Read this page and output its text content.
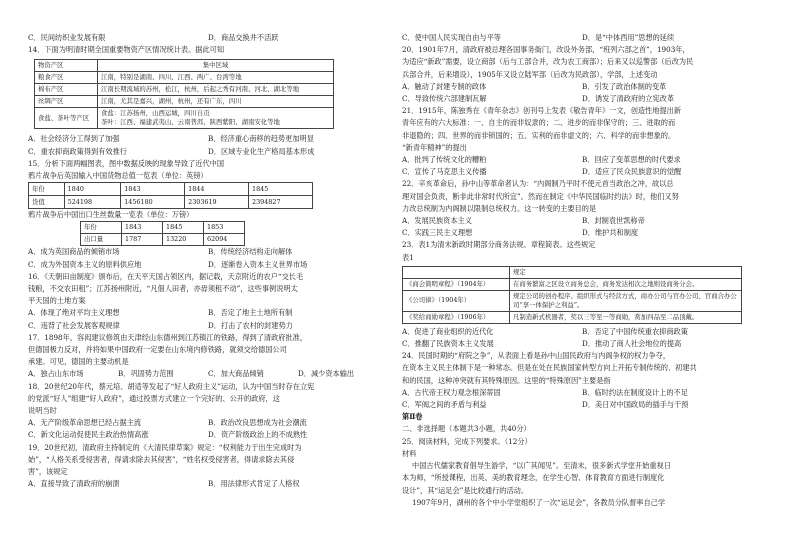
C．民间纺织业发展有限	D．商品交换井不活跃
14．下面为明清时期全国重要物资产区情况统计表。据此可知
物资产区	集中区域
粮食产区	江南，特别是湖南、四川、江西、两广、台湾等地
棉布产区	江南长期流域的苏州，松江，杭州，后起之秀有河南、河北、湖北等地
丝绸产区	江南，尤其是嘉兴，湖州，杭州，还有广东，四川
食盐、茶叶等产区	食盐：江苏扬州，山西运城，四川自贡
茶叶：江西、福建武夷山、云南普洱、陕西紫阳、湖南安化等地
A．社会经济分工得到了加强	B．经济重心南移的趋势更加明显
C．重农抑商政策得到有效推行	D．区域专业化生产格局基本形成
15．分析下面两幅图表，图中数据反映的现象导致了近代中国
鸦片战争后英国输入中国货物总值一览表（单位：英镑）
年份	1840	1843	1844	1845
货值	524198	1456180	2303619	2394827
鸦片战争后中国出口生丝数量一览表（单位：万镑）
年份	1843	1845	1853
出口量	1787	13220	62094
A．成为英国商品的倾销市场	B．传统经济结构走向解体
C．成为外国资本主义的原料供应地	D．逐渐卷入资本主义世界市场
16．《天朝田亩制度》颁布后，在天平天国占领区内，据记载，天京附近的农户“交长毛
钱粮，不交农田租”；江苏扬州附近，“凡佃人田者，亦毋须租不动”，这些事例说明太
平天国的土地方案
A．体现了绝对平均主义理想	B．否定了地主土地所有制
C．违背了社会发展客观规律	D．打击了农村的封建势力
17．1898年，容闳建议修筑由天津经山东德州到江苏镇江的铁路，得到了清政府批准，
但德国极力反对，并将如果中国政府一定要在山东境内修铁路，就须交给德国公司
承建。可见，德国的主要动机是
A．独占山东市场	B．巩固势力范围	C．加大商品倾销	D．减少资本输出
18．20世纪20年代，蔡元培、胡适等发起了“好人政府主义”运动，认为中国当时存在立宪
的党派“好人”组建“好人政府”，通过投票方式建立一个完好的、公开的政府，这
说明当时
A．无产阶级革命思想已经占据主流	B．政治改良思想成为社会潮流
C．新文化运动促使民主政治热情高涨	D．资产阶级政治上的不成熟性
19．20世纪初，清政府主持制定的《大清民律草案》规定：“权利能力于出生完成时为
始”，“人格关系受侵害者，得请求除去其侵害”，“姓名权受侵害者，得请求除去其侵
害”，该规定
A．直接导致了清政府的崩溃	B．用法律形式肯定了人格权
C．使中国人民实现自由与平等	D．是“中体西用”思想的延续
20．1901年7月，清政府被总理各国事务衙门，改设外务部，“班列六部之首”，1903年，
为适应“新政”需要，设立商部（后与工部合并，改为农工商部）；后来又以巡警部（后改为民
兵部合并，后来增设），1905年又设立陆军部（后改为民政部），学部，上述变动
A．触动了封建专制的政体	B．引发了政治体制的变革
C．导致传统六部建制瓦解	D．诱发了清政府的立宪改革
21．1915年，陈独秀在《青年杂志》创刊号上发表《敬告青年》一文，创造性地提出新
青年应有的六大标准：一、自主的而非奴隶的；二、进步的而非保守的；三、进取的而
非退隐的；四、世界的而非锁国的；五、实利的而非虚文的；六、科学的而非想象的。
“新青年精神”的提出
A．批判了传统文化的糟粕	B．回应了变革思想的时代要求
C．宣传了马克思主义传播	D．适应了民众民族意识的觉醒
22．辛亥革命后，孙中山等革命者认为：“内阁制乃平时不使元首当政治之冲，故以总
理对国会负责，断非此非常时代所宜”。然而在制定《中华民国临时约法》时，他们又努
力改总统制为内阁制以限制总统权力。这一转变的主要目的是
A．发展民族资本主义	B．封制袁世凯称帝
C．实践三民主义理想	D．维护共和制度
23．表1为清末新政时期部分商务法规、章程简表。这些规定
表1
	规定
《商会简明章程》（1904年）	在商务繁富之区设立商务总会，商务发达相次之地则设商务分会。
《公司律》（1904年）	规定公司的创办程序、组织形式与经营方式，商办公司与官办公司、官商合办公司“享一体保护之利益”。
《奖给商勋章程》（1906年）	凡制造新式机器者，奖以三等至一等商勋，赏加四品至二品顶戴。
A．促进了商业组织的近代化	B．否定了中国传统重农抑商政策
C．推翻了民族资本主义发展	D．推动了商人社会地位的提高
24．民国时期的“府院之争”，从表面上看是孙中山国民政府与内阁争权的权力争夺，
在资本主义民主体制下是一种常态。但是在处在民族国家转型方向上开拓专制传统的、初建共
和的民国，这种冲突就有其特殊原因。这里的“特殊原因”主要是指
A．古代帝王权力观念根深蒂固	B．临时约法在制度设计上的不足
C．军阀之间的矛盾与利益	D．美日对中国政局的插手与干预
第Ⅱ卷
二、非选择题（本题共3小题，共40分）
25．阅读材料，完成下列要求。（12分）
材料
中国古代儒家教育倡导生游学，“以广其闻见”。至清末，很多新式学堂开始重视日
本为师，“所授课程，出英、美的教育理念，在学生心智、体育教育方面进行制度化
设计”，其“运足会”是比较通行的活动。
1907年9月，湖州的各个中小学堂组织了一次“运足会”，各教员分队督率自己学
